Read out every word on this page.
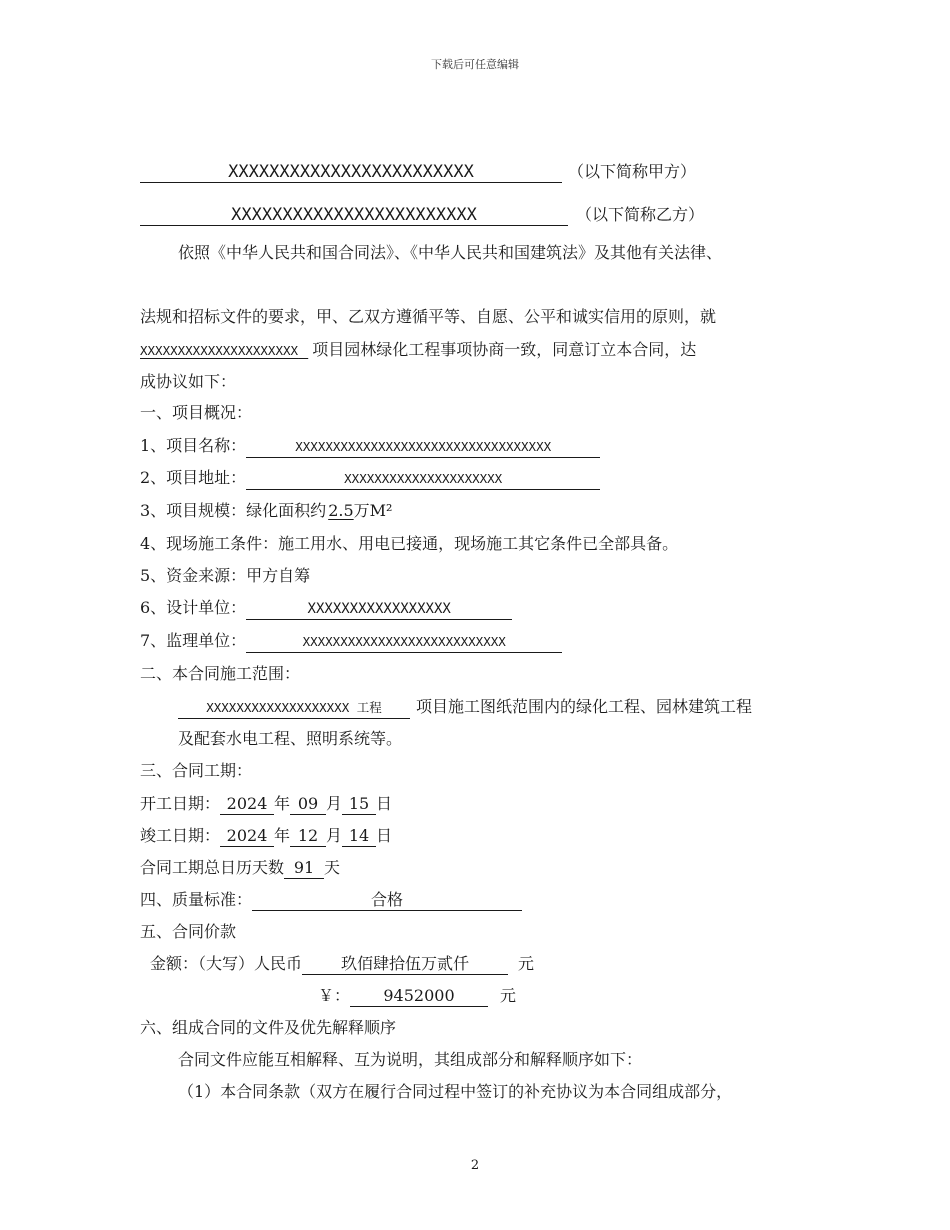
下载后可任意编辑
XXXXXXXXXXXXXXXXXXXXXXXX	（以下简称甲方）
XXXXXXXXXXXXXXXXXXXXXXXX	（以下简称乙方）
依照《中华人民共和国合同法》、《中华人民共和国建筑法》及其他有关法律、
法规和招标文件的要求，甲、乙双方遵循平等、自愿、公平和诚实信用的原则，就
XXXXXXXXXXXXXXXXXXXXX 项目园林绿化工程事项协商一致，同意订立本合同，达
成协议如下：
一、项目概况：
1、项目名称：	XXXXXXXXXXXXXXXXXXXXXXXXXXXXXXXXXX
2、项目地址：	XXXXXXXXXXXXXXXXXXXXX
3、项目规模：绿化面积约 2.5万M²
4、现场施工条件：施工用水、用电已接通，现场施工其它条件已全部具备。
5、资金来源：甲方自筹
6、设计单位：	XXXXXXXXXXXXXXXXX
7、监理单位：	XXXXXXXXXXXXXXXXXXXXXXXXXXX
二、本合同施工范围：
XXXXXXXXXXXXXXXXXXX 工程 项目施工图纸范围内的绿化工程、园林建筑工程
及配套水电工程、照明系统等。
三、合同工期：
开工日期： 2024 年 09 月 15 日
竣工日期： 2024 年 12 月 14 日
合同工期总日历天数 91 天
四、质量标准：	合格
五、合同价款
金额：（大写）人民币 玖佰肆拾伍万贰仟	元
￥： 9452000	元
六、组成合同的文件及优先解释顺序
合同文件应能互相解释、互为说明，其组成部分和解释顺序如下：
（1）本合同条款（双方在履行合同过程中签订的补充协议为本合同组成部分，
2
